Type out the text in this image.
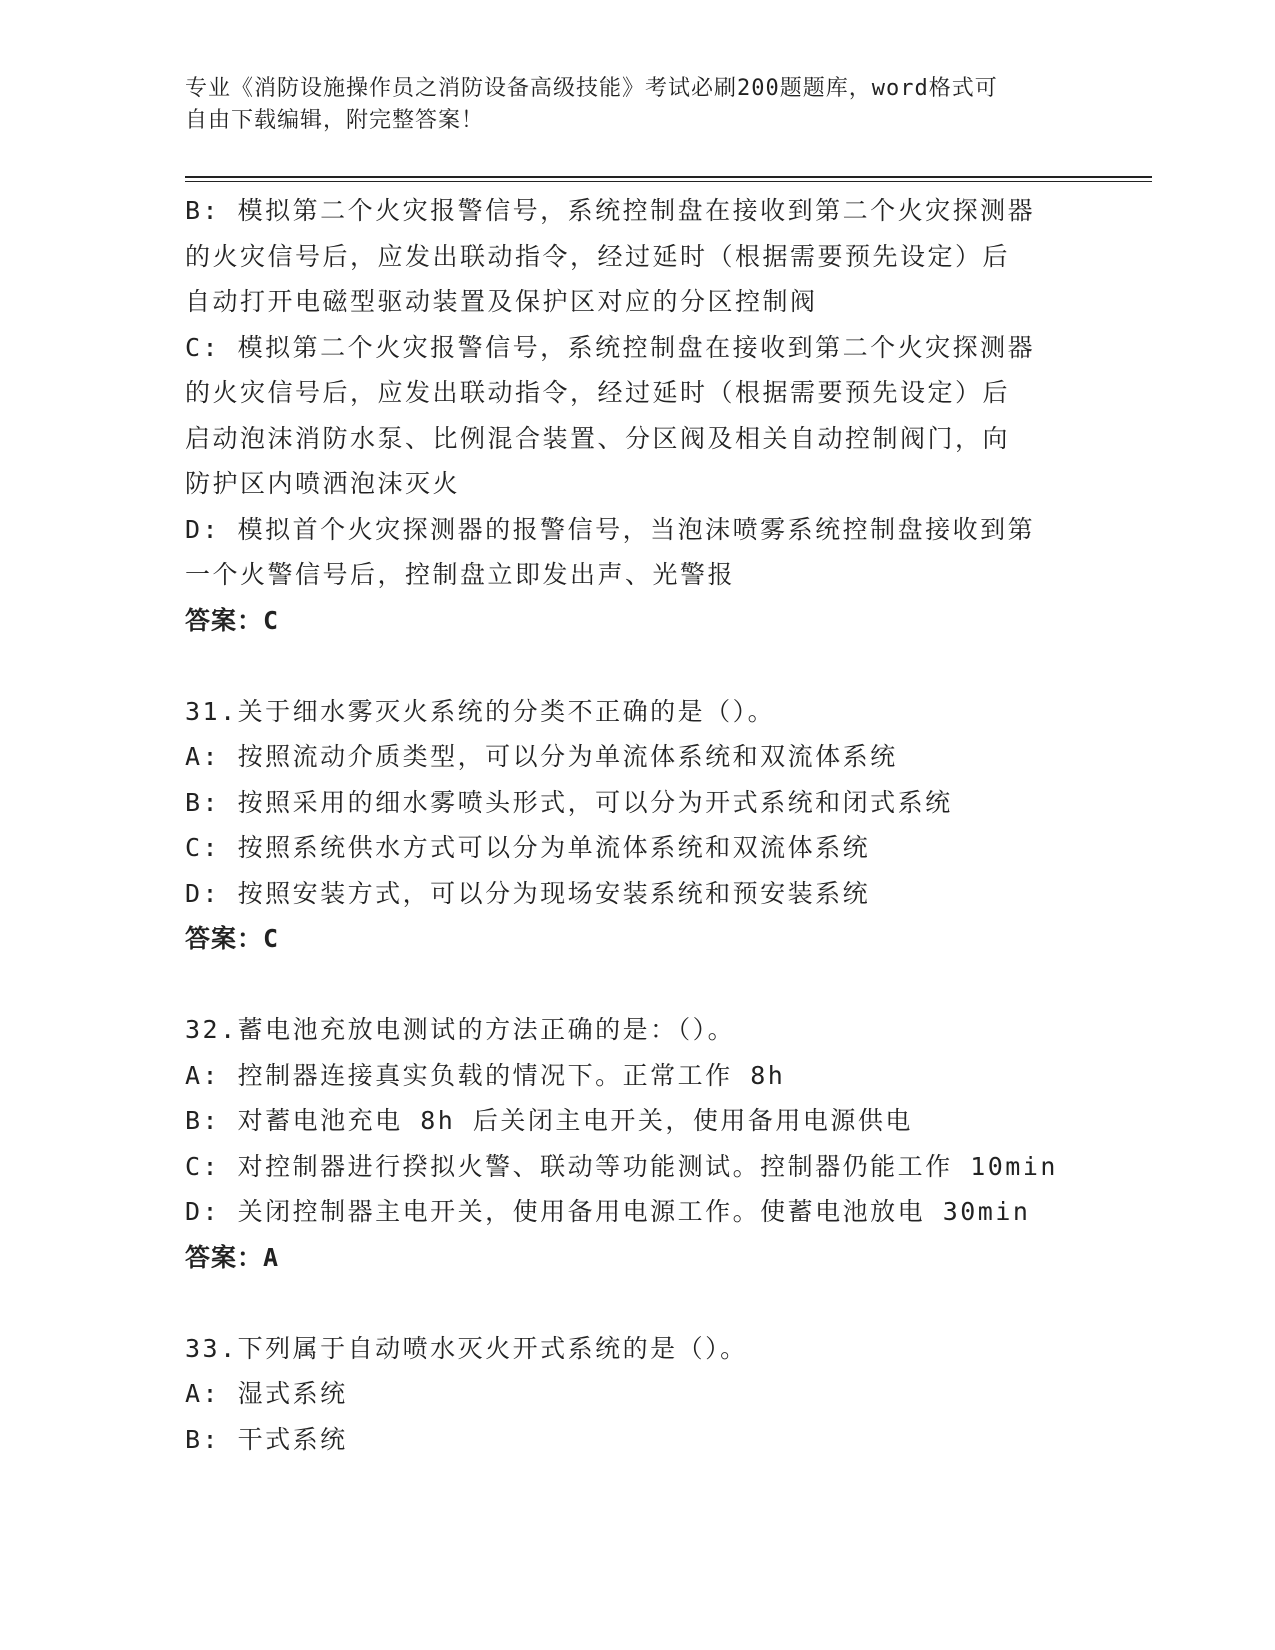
专业《消防设施操作员之消防设备高级技能》考试必刷200题题库，word格式可
自由下载编辑，附完整答案！
B: 模拟第二个火灾报警信号，系统控制盘在接收到第二个火灾探测器
的火灾信号后，应发出联动指令，经过延时（根据需要预先设定）后
自动打开电磁型驱动装置及保护区对应的分区控制阀
C: 模拟第二个火灾报警信号，系统控制盘在接收到第二个火灾探测器
的火灾信号后，应发出联动指令，经过延时（根据需要预先设定）后
启动泡沫消防水泵、比例混合装置、分区阀及相关自动控制阀门，向
防护区内喷洒泡沫灭火
D: 模拟首个火灾探测器的报警信号，当泡沫喷雾系统控制盘接收到第
一个火警信号后，控制盘立即发出声、光警报
答案：C
31.关于细水雾灭火系统的分类不正确的是（）。
A: 按照流动介质类型，可以分为单流体系统和双流体系统
B: 按照采用的细水雾喷头形式，可以分为开式系统和闭式系统
C: 按照系统供水方式可以分为单流体系统和双流体系统
D: 按照安装方式，可以分为现场安装系统和预安装系统
答案：C
32.蓄电池充放电测试的方法正确的是：（）。
A: 控制器连接真实负载的情况下。正常工作 8h
B: 对蓄电池充电 8h 后关闭主电开关，使用备用电源供电
C: 对控制器进行揆拟火警、联动等功能测试。控制器仍能工作 10min
D: 关闭控制器主电开关，使用备用电源工作。使蓄电池放电 30min
答案：A
33.下列属于自动喷水灭火开式系统的是（）。
A: 湿式系统
B: 干式系统
